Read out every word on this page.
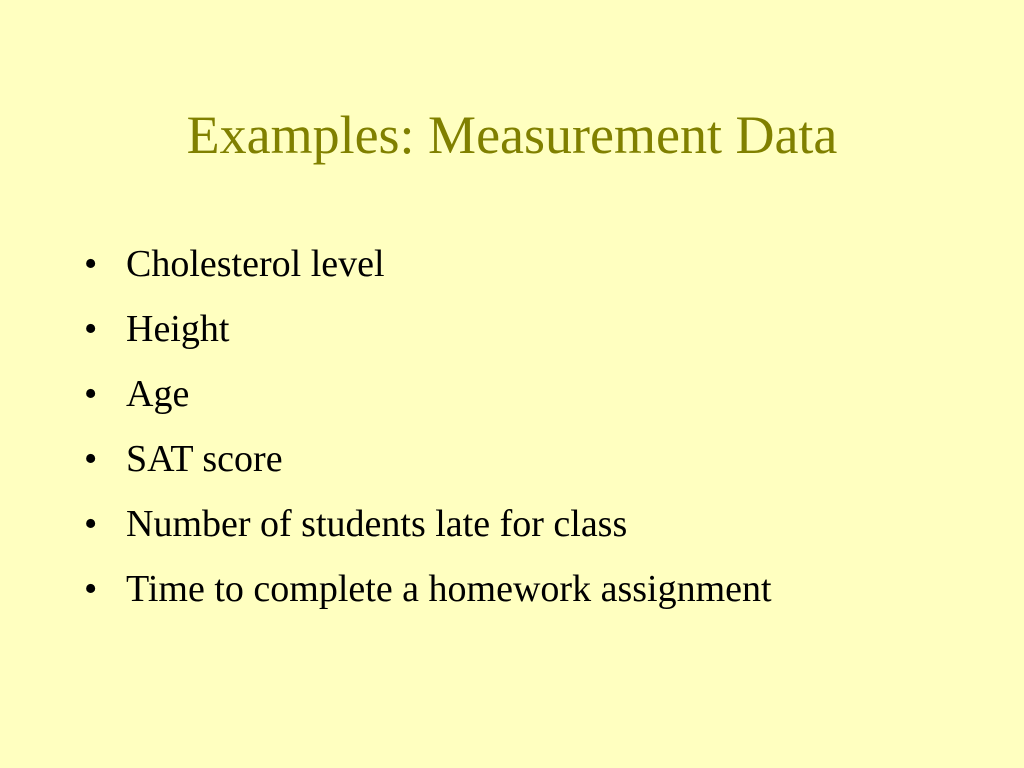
Examples: Measurement Data
• Cholesterol level
• Height
• Age
• SAT score
• Number of students late for class
• Time to complete a homework assignment
